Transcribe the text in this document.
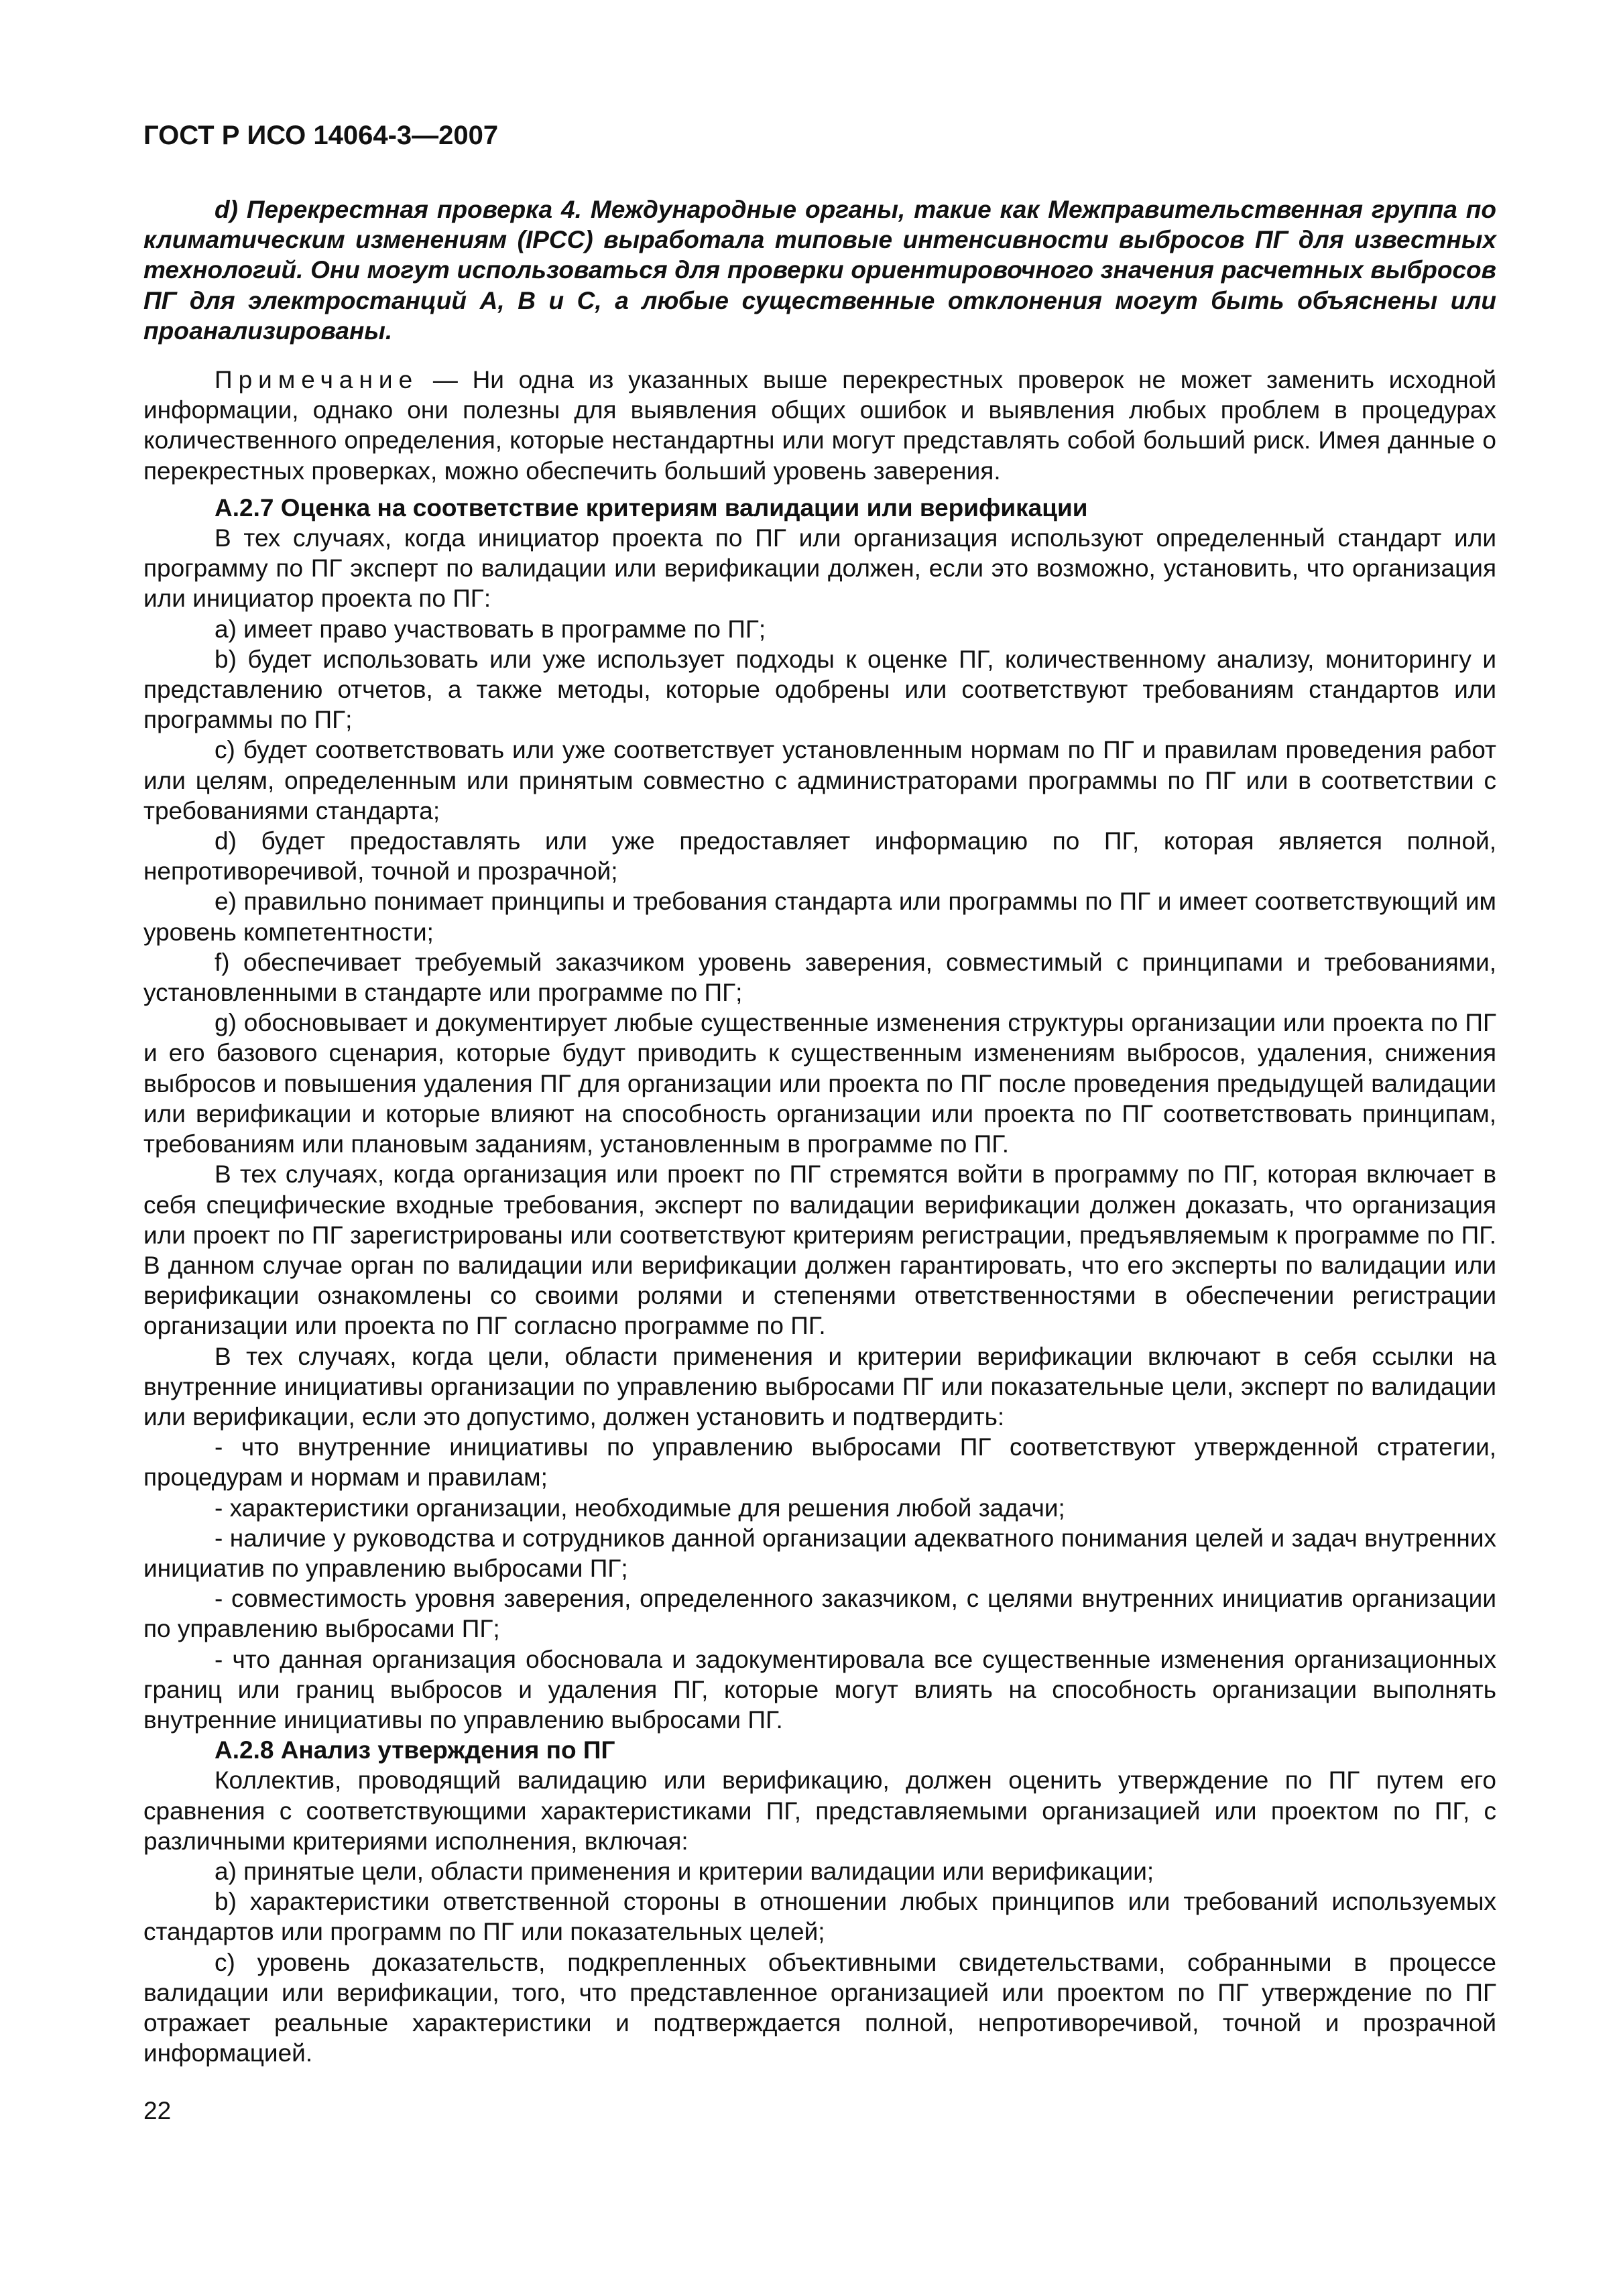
ГОСТ Р ИСО 14064-3—2007

d) Перекрестная проверка 4. Международные органы, такие как Межправительственная группа по климатическим изменениям (IPCC) выработала типовые интенсивности выбросов ПГ для известных технологий. Они могут использоваться для проверки ориентировочного значения расчетных выбросов ПГ для электростанций А, В и С, а любые существенные отклонения могут быть объяснены или проанализированы.

Примечание — Ни одна из указанных выше перекрестных проверок не может заменить исходной информации, однако они полезны для выявления общих ошибок и выявления любых проблем в процедурах количественного определения, которые нестандартны или могут представлять собой больший риск. Имея данные о перекрестных проверках, можно обеспечить больший уровень заверения.

А.2.7 Оценка на соответствие критериям валидации или верификации

В тех случаях, когда инициатор проекта по ПГ или организация используют определенный стандарт или программу по ПГ эксперт по валидации или верификации должен, если это возможно, установить, что организация или инициатор проекта по ПГ:

a) имеет право участвовать в программе по ПГ;

b) будет использовать или уже использует подходы к оценке ПГ, количественному анализу, мониторингу и представлению отчетов, а также методы, которые одобрены или соответствуют требованиям стандартов или программы по ПГ;

c) будет соответствовать или уже соответствует установленным нормам по ПГ и правилам проведения работ или целям, определенным или принятым совместно с администраторами программы по ПГ или в соответствии с требованиями стандарта;

d) будет предоставлять или уже предоставляет информацию по ПГ, которая является полной, непротиворечивой, точной и прозрачной;

e) правильно понимает принципы и требования стандарта или программы по ПГ и имеет соответствующий им уровень компетентности;

f) обеспечивает требуемый заказчиком уровень заверения, совместимый с принципами и требованиями, установленными в стандарте или программе по ПГ;

g) обосновывает и документирует любые существенные изменения структуры организации или проекта по ПГ и его базового сценария, которые будут приводить к существенным изменениям выбросов, удаления, снижения выбросов и повышения удаления ПГ для организации или проекта по ПГ после проведения предыдущей валидации или верификации и которые влияют на способность организации или проекта по ПГ соответствовать принципам, требованиям или плановым заданиям, установленным в программе по ПГ.

В тех случаях, когда организация или проект по ПГ стремятся войти в программу по ПГ, которая включает в себя специфические входные требования, эксперт по валидации верификации должен доказать, что организация или проект по ПГ зарегистрированы или соответствуют критериям регистрации, предъявляемым к программе по ПГ. В данном случае орган по валидации или верификации должен гарантировать, что его эксперты по валидации или верификации ознакомлены со своими ролями и степенями ответственностями в обеспечении регистрации организации или проекта по ПГ согласно программе по ПГ.

В тех случаях, когда цели, области применения и критерии верификации включают в себя ссылки на внутренние инициативы организации по управлению выбросами ПГ или показательные цели, эксперт по валидации или верификации, если это допустимо, должен установить и подтвердить:

- что внутренние инициативы по управлению выбросами ПГ соответствуют утвержденной стратегии, процедурам и нормам и правилам;

- характеристики организации, необходимые для решения любой задачи;

- наличие у руководства и сотрудников данной организации адекватного понимания целей и задач внутренних инициатив по управлению выбросами ПГ;

- совместимость уровня заверения, определенного заказчиком, с целями внутренних инициатив организации по управлению выбросами ПГ;

- что данная организация обосновала и задокументировала все существенные изменения организационных границ или границ выбросов и удаления ПГ, которые могут влиять на способность организации выполнять внутренние инициативы по управлению выбросами ПГ.

А.2.8 Анализ утверждения по ПГ

Коллектив, проводящий валидацию или верификацию, должен оценить утверждение по ПГ путем его сравнения с соответствующими характеристиками ПГ, представляемыми организацией или проектом по ПГ, с различными критериями исполнения, включая:

a) принятые цели, области применения и критерии валидации или верификации;

b) характеристики ответственной стороны в отношении любых принципов или требований используемых стандартов или программ по ПГ или показательных целей;

c) уровень доказательств, подкрепленных объективными свидетельствами, собранными в процессе валидации или верификации, того, что представленное организацией или проектом по ПГ утверждение по ПГ отражает реальные характеристики и подтверждается полной, непротиворечивой, точной и прозрачной информацией.

22
